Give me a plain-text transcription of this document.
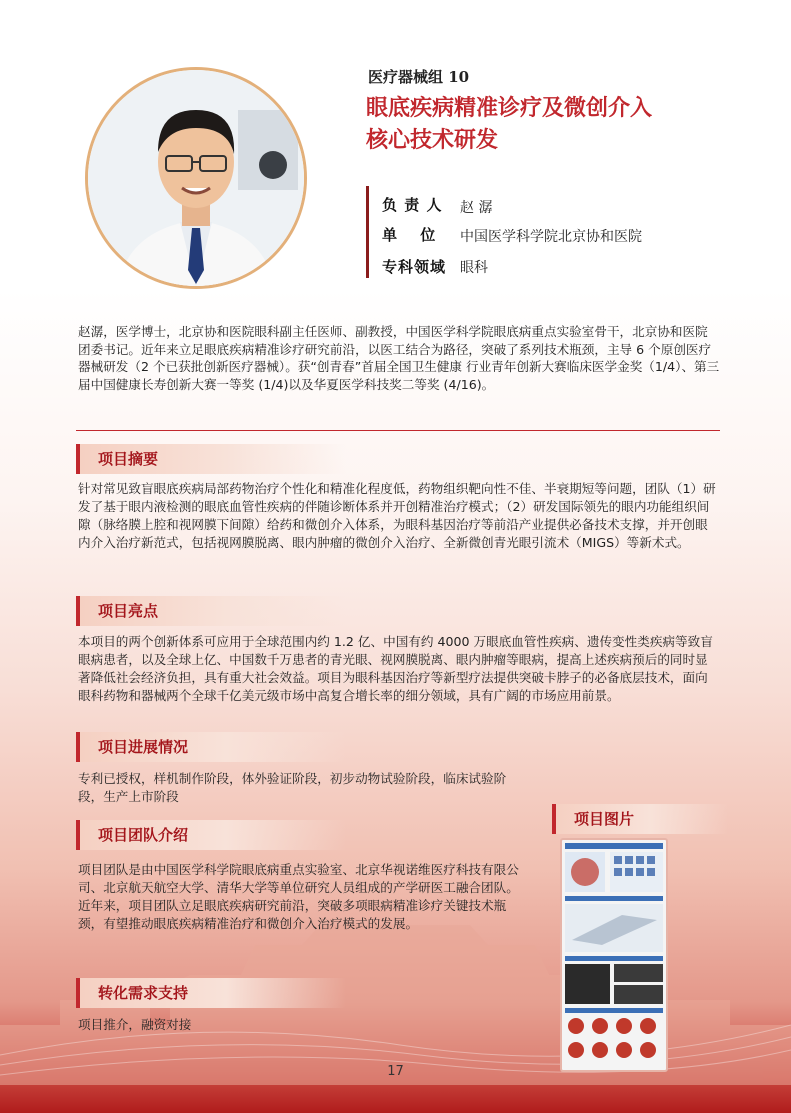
医疗器械组 10
眼底疾病精准诊疗及微创介入
核心技术研发
负 责 人 赵 潺
单　 位 中国医学科学院北京协和医院
专科领域 眼科
赵潺，医学博士，北京协和医院眼科副主任医师、副教授，中国医学科学院眼底病重点实验室骨干，北京协和医院团委书记。近年来立足眼底疾病精准诊疗研究前沿，以医工结合为路径，突破了系列技术瓶颈，主导 6 个原创医疗器械研发（2 个已获批创新医疗器械）。获“创青春”首届全国卫生健康 行业青年创新大赛临床医学金奖（1/4）、第三届中国健康长寿创新大赛一等奖 (1/4)以及华夏医学科技奖二等奖 (4/16)。
项目摘要
针对常见致盲眼底疾病局部药物治疗个性化和精准化程度低，药物组织靶向性不佳、半衰期短等问题，团队（1）研发了基于眼内液检测的眼底血管性疾病的伴随诊断体系并开创精准治疗模式；（2）研发国际领先的眼内功能组织间隙（脉络膜上腔和视网膜下间隙）给药和微创介入体系，为眼科基因治疗等前沿产业提供必备技术支撑，并开创眼内介入治疗新范式，包括视网膜脱离、眼内肿瘤的微创介入治疗、全新微创青光眼引流术（MIGS）等新术式。
项目亮点
本项目的两个创新体系可应用于全球范围内约 1.2 亿、中国有约 4000 万眼底血管性疾病、遗传变性类疾病等致盲眼病患者，以及全球上亿、中国数千万患者的青光眼、视网膜脱离、眼内肿瘤等眼病，提高上述疾病预后的同时显著降低社会经济负担，具有重大社会效益。项目为眼科基因治疗等新型疗法提供突破卡脖子的必备底层技术，面向眼科药物和器械两个全球千亿美元级市场中高复合增长率的细分领域，具有广阔的市场应用前景。
项目进展情况
专利已授权，样机制作阶段，体外验证阶段，初步动物试验阶段，临床试验阶段，生产上市阶段
项目团队介绍
项目团队是由中国医学科学院眼底病重点实验室、北京华视诺维医疗科技有限公司、北京航天航空大学、清华大学等单位研究人员组成的产学研医工融合团队。近年来，项目团队立足眼底疾病研究前沿，突破多项眼病精准诊疗关键技术瓶颈，有望推动眼底疾病精准治疗和微创介入治疗模式的发展。
转化需求支持
项目推介，融资对接
项目图片
17
